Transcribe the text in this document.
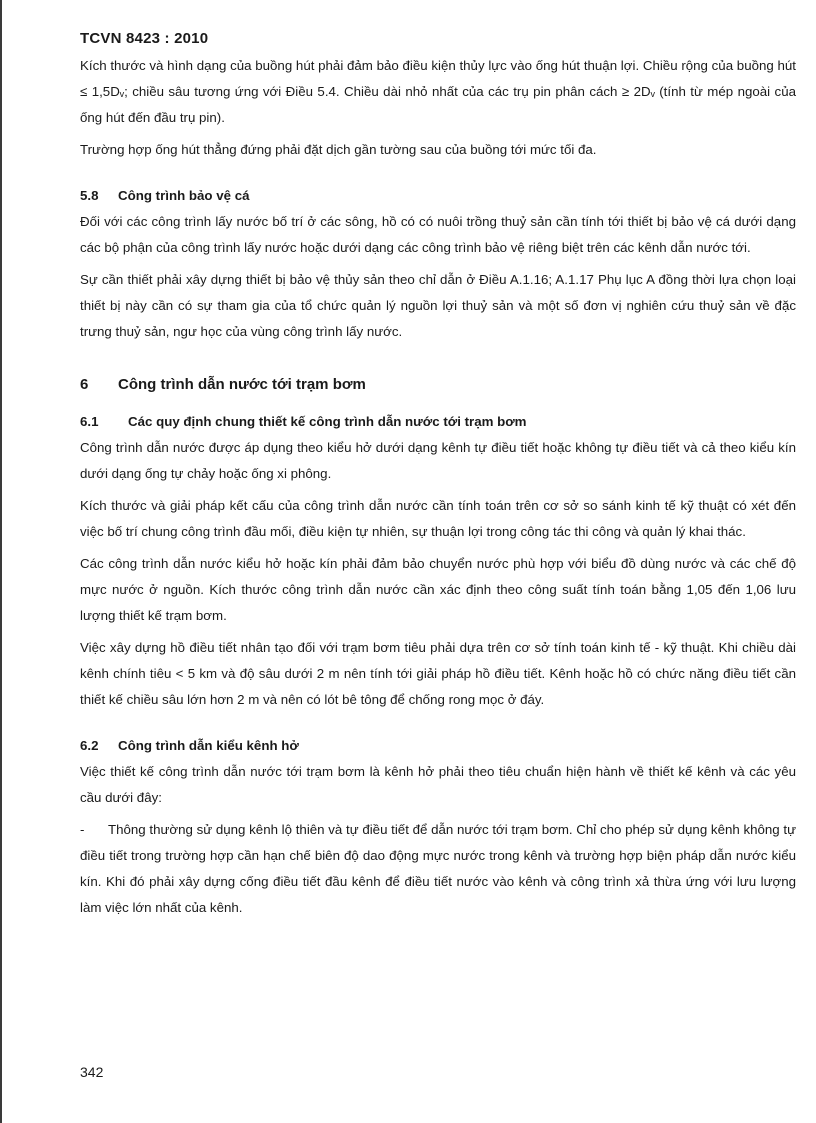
TCVN 8423 : 2010

Kích thước và hình dạng của buồng hút phải đảm bảo điều kiện thủy lực vào ống hút thuận lợi. Chiều rộng của buồng hút ≤ 1,5Dᵥ; chiều sâu tương ứng với Điều 5.4. Chiều dài nhỏ nhất của các trụ pin phân cách ≥ 2Dᵥ (tính từ mép ngoài của ống hút đến đầu trụ pin).

Trường hợp ống hút thẳng đứng phải đặt dịch gần tường sau của buồng tới mức tối đa.

5.8 Công trình bảo vệ cá

Đối với các công trình lấy nước bố trí ở các sông, hồ có có nuôi trồng thuỷ sản cần tính tới thiết bị bảo vệ cá dưới dạng các bộ phận của công trình lấy nước hoặc dưới dạng các công trình bảo vệ riêng biệt trên các kênh dẫn nước tới.

Sự cần thiết phải xây dựng thiết bị bảo vệ thủy sản theo chỉ dẫn ở Điều A.1.16; A.1.17 Phụ lục A đồng thời lựa chọn loại thiết bị này cần có sự tham gia của tổ chức quản lý nguồn lợi thuỷ sản và một số đơn vị nghiên cứu thuỷ sản về đặc trưng thuỷ sản, ngư học của vùng công trình lấy nước.

6 Công trình dẫn nước tới trạm bơm
6.1 Các quy định chung thiết kế công trình dẫn nước tới trạm bơm

Công trình dẫn nước được áp dụng theo kiểu hở dưới dạng kênh tự điều tiết hoặc không tự điều tiết và cả theo kiểu kín dưới dạng ống tự chảy hoặc ống xi phông.

Kích thước và giải pháp kết cấu của công trình dẫn nước cần tính toán trên cơ sở so sánh kinh tế kỹ thuật có xét đến việc bố trí chung công trình đầu mối, điều kiện tự nhiên, sự thuận lợi trong công tác thi công và quản lý khai thác.

Các công trình dẫn nước kiểu hở hoặc kín phải đảm bảo chuyển nước phù hợp với biểu đồ dùng nước và các chế độ mực nước ở nguồn. Kích thước công trình dẫn nước cần xác định theo công suất tính toán bằng 1,05 đến 1,06 lưu lượng thiết kế trạm bơm.

Việc xây dựng hồ điều tiết nhân tạo đối với trạm bơm tiêu phải dựa trên cơ sở tính toán kinh tế - kỹ thuật. Khi chiều dài kênh chính tiêu < 5 km và độ sâu dưới 2 m nên tính tới giải pháp hồ điều tiết. Kênh hoặc hồ có chức năng điều tiết cần thiết kế chiều sâu lớn hơn 2 m và nên có lót bê tông để chống rong mọc ở đáy.

6.2 Công trình dẫn kiểu kênh hở

Việc thiết kế công trình dẫn nước tới trạm bơm là kênh hở phải theo tiêu chuẩn hiện hành về thiết kế kênh và các yêu cầu dưới đây:

- Thông thường sử dụng kênh lộ thiên và tự điều tiết để dẫn nước tới trạm bơm. Chỉ cho phép sử dụng kênh không tự điều tiết trong trường hợp cần hạn chế biên độ dao động mực nước trong kênh và trường hợp biện pháp dẫn nước kiểu kín. Khi đó phải xây dựng cống điều tiết đầu kênh để điều tiết nước vào kênh và công trình xả thừa ứng với lưu lượng làm việc lớn nhất của kênh.

342
